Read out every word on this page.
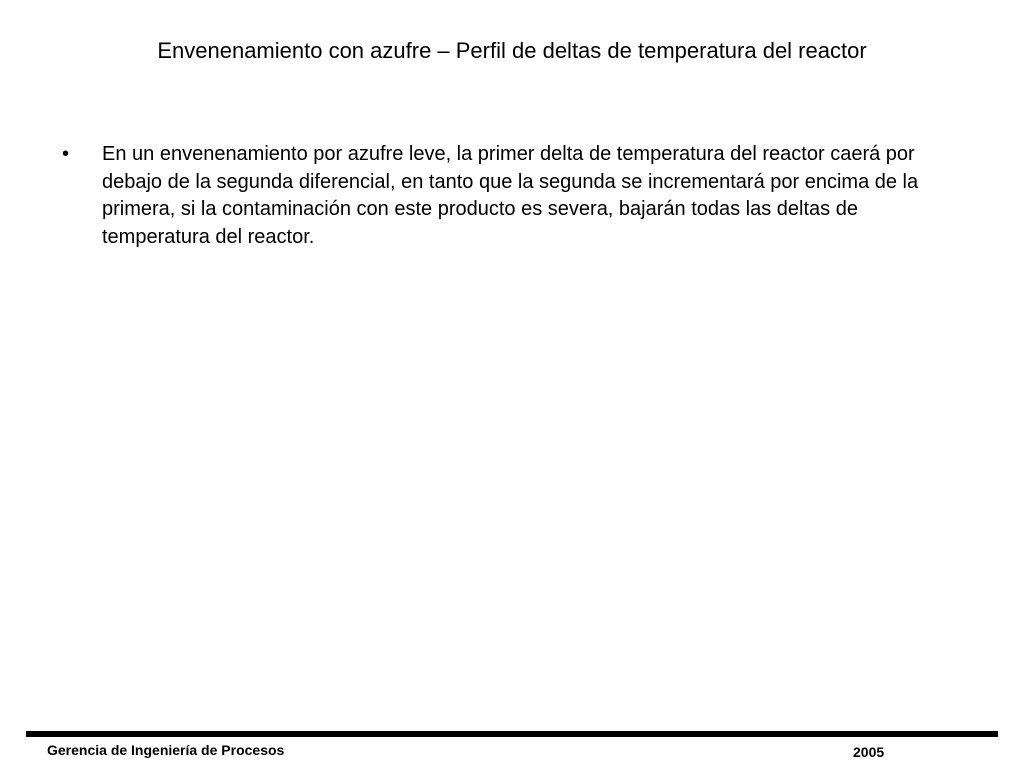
Envenenamiento con azufre – Perfil de deltas de temperatura del reactor
•	En un envenenamiento por azufre leve, la primer delta de temperatura del reactor caerá por debajo de la segunda diferencial, en tanto que la segunda se incrementará por encima de la primera, si la contaminación con este producto es severa, bajarán todas las deltas de temperatura del reactor.
Gerencia de Ingeniería de Procesos	2005
